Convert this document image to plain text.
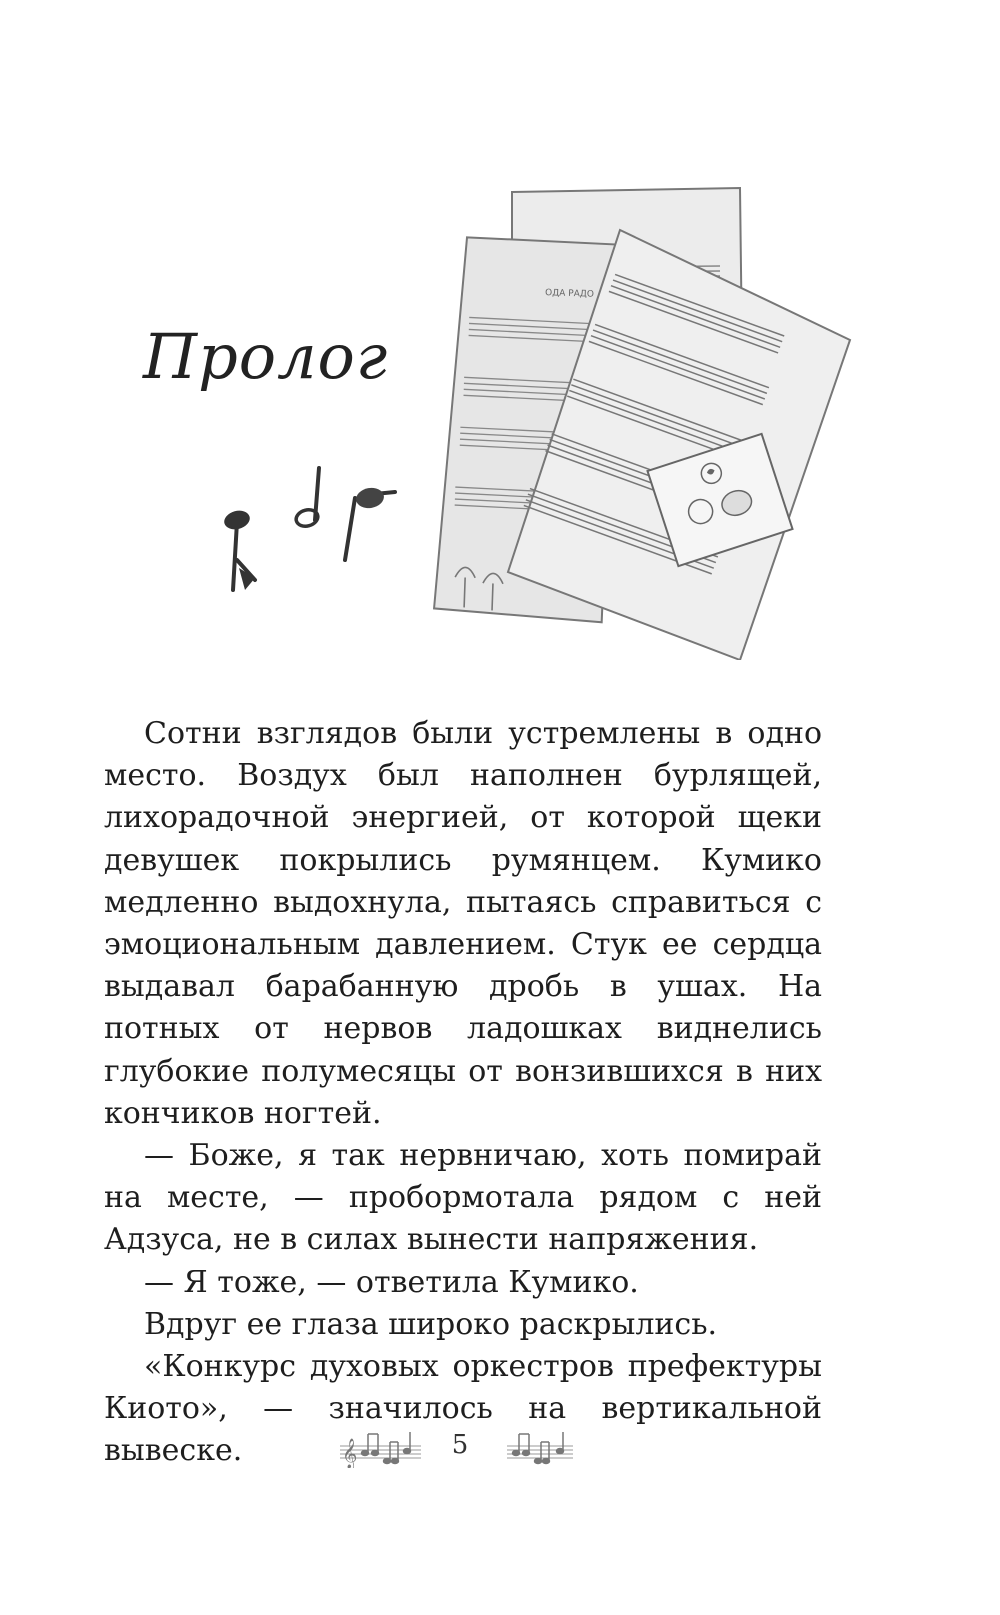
Пролог
ОДА РАДО

Сотни взглядов были устремлены в одно место. Воздух был наполнен бурлящей, лихорадочной энергией, от которой щеки девушек покрылись румянцем. Кумико медленно выдохнула, пытаясь справиться с эмоциональным давлением. Стук ее сердца выдавал барабанную дробь в ушах. На потных от нервов ладошках виднелись глубокие полумесяцы от вонзившихся в них кончиков ногтей.

— Боже, я так нервничаю, хоть помирай на месте, — пробормотала рядом с ней Адзуса, не в силах вынести напряжения.

— Я тоже, — ответила Кумико.

Вдруг ее глаза широко раскрылись.

«Конкурс духовых оркестров префектуры Киото», — значилось на вертикальной вывеске.	𝄞	5
